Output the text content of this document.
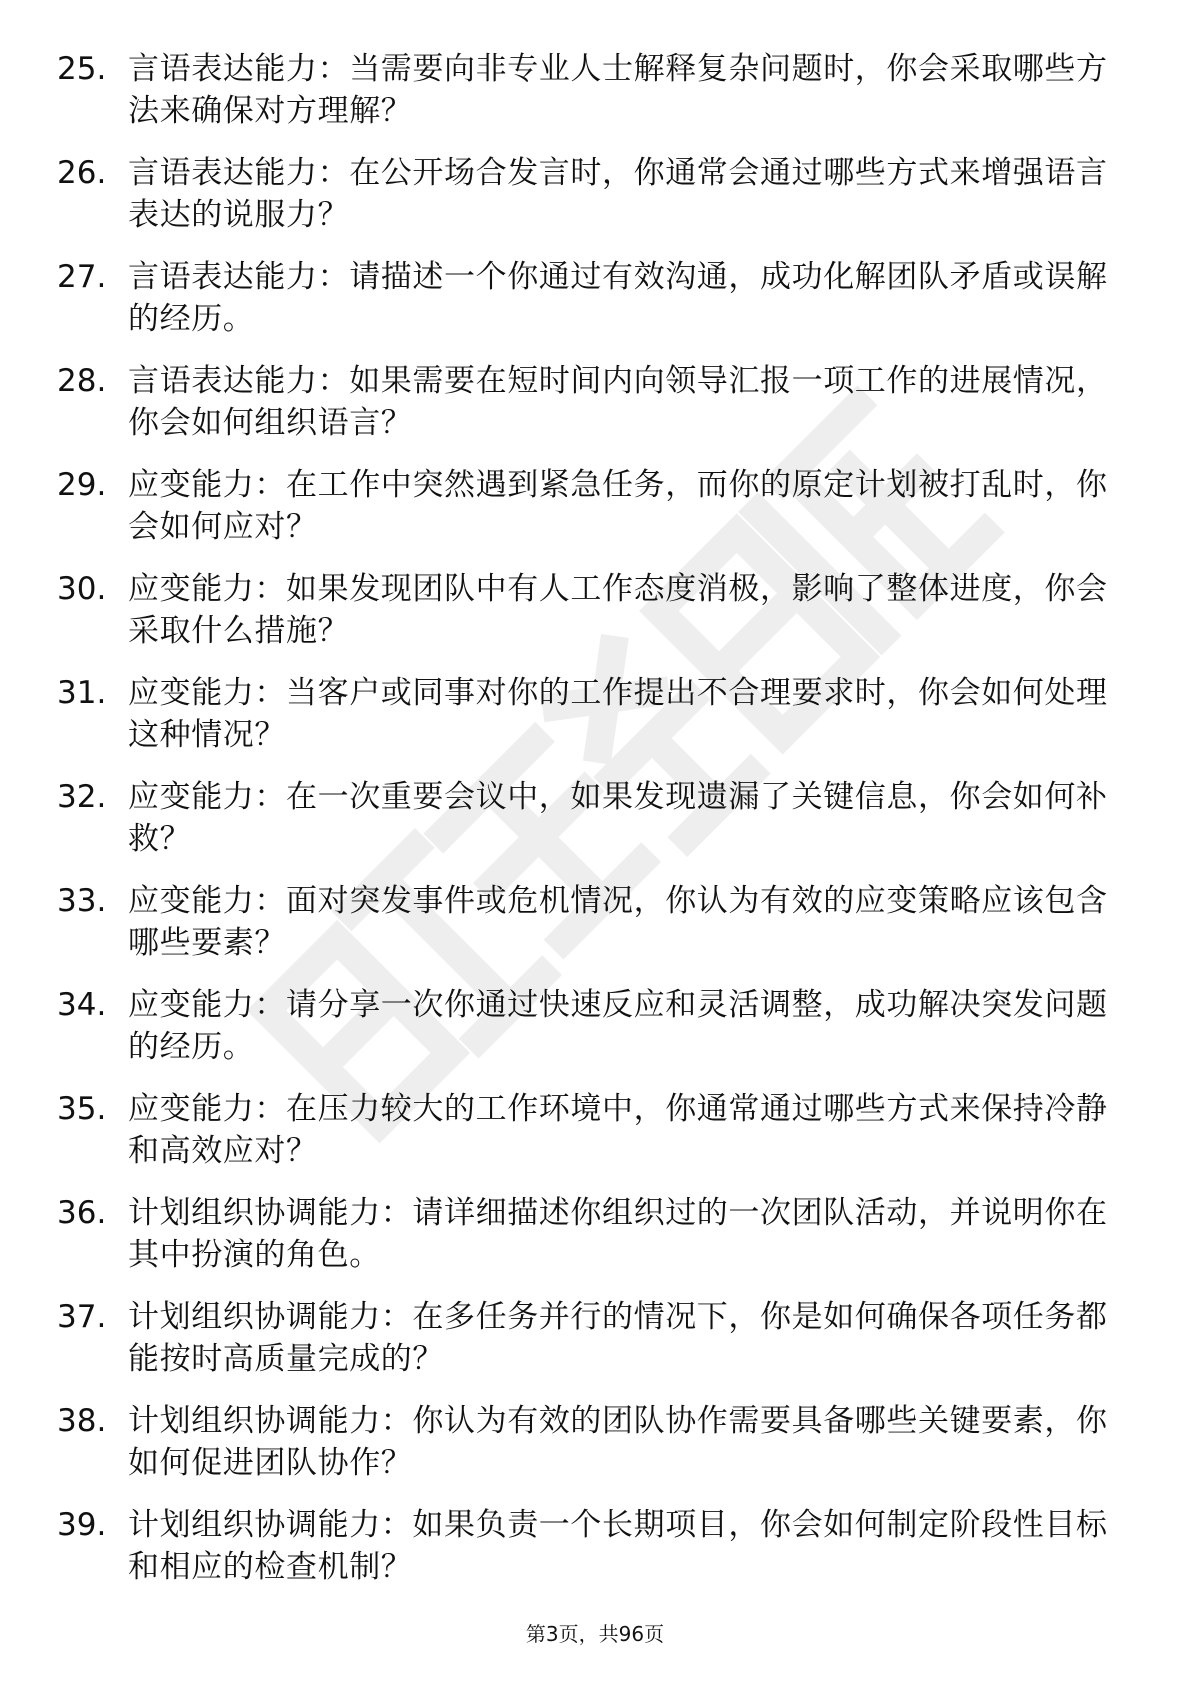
25. 言语表达能力：当需要向非专业人士解释复杂问题时，你会采取哪些方法来确保对方理解？
26. 言语表达能力：在公开场合发言时，你通常会通过哪些方式来增强语言表达的说服力？
27. 言语表达能力：请描述一个你通过有效沟通，成功化解团队矛盾或误解的经历。
28. 言语表达能力：如果需要在短时间内向领导汇报一项工作的进展情况，你会如何组织语言？
29. 应变能力：在工作中突然遇到紧急任务，而你的原定计划被打乱时，你会如何应对？
30. 应变能力：如果发现团队中有人工作态度消极，影响了整体进度，你会采取什么措施？
31. 应变能力：当客户或同事对你的工作提出不合理要求时，你会如何处理这种情况？
32. 应变能力：在一次重要会议中，如果发现遗漏了关键信息，你会如何补救？
33. 应变能力：面对突发事件或危机情况，你认为有效的应变策略应该包含哪些要素？
34. 应变能力：请分享一次你通过快速反应和灵活调整，成功解决突发问题的经历。
35. 应变能力：在压力较大的工作环境中，你通常通过哪些方式来保持冷静和高效应对？
36. 计划组织协调能力：请详细描述你组织过的一次团队活动，并说明你在其中扮演的角色。
37. 计划组织协调能力：在多任务并行的情况下，你是如何确保各项任务都能按时高质量完成的？
38. 计划组织协调能力：你认为有效的团队协作需要具备哪些关键要素，你如何促进团队协作？
39. 计划组织协调能力：如果负责一个长期项目，你会如何制定阶段性目标和相应的检查机制？
第3页，共96页
